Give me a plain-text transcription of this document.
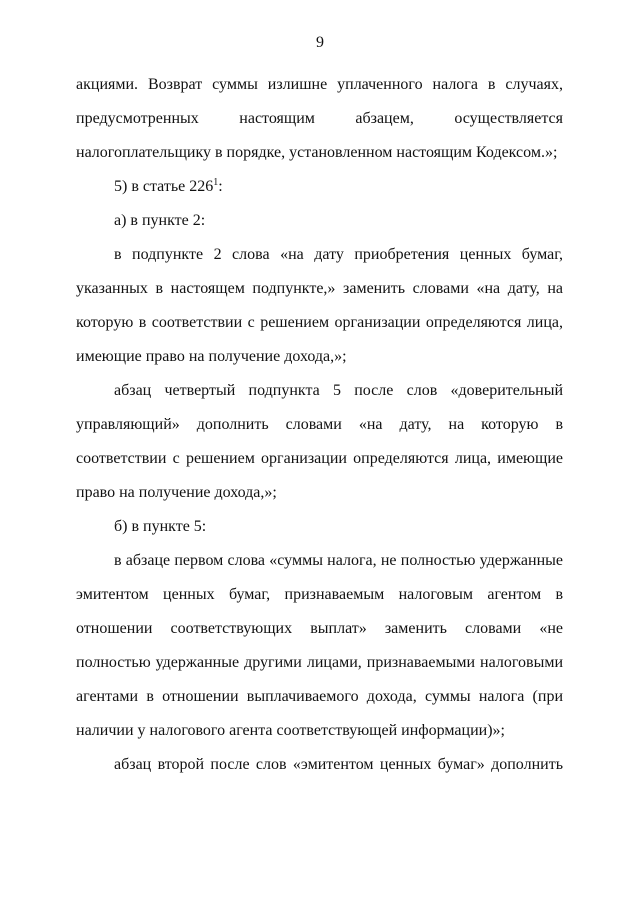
9

акциями. Возврат суммы излишне уплаченного налога в случаях, предусмотренных настоящим абзацем, осуществляется налогоплательщику в порядке, установленном настоящим Кодексом.»;

5) в статье $226^1$:

а) в пункте 2:

в подпункте 2 слова «на дату приобретения ценных бумаг, указанных в настоящем подпункте,» заменить словами «на дату, на которую в соответствии с решением организации определяются лица, имеющие право на получение дохода,»;

абзац четвертый подпункта 5 после слов «доверительный управляющий» дополнить словами «на дату, на которую в соответствии с решением организации определяются лица, имеющие право на получение дохода,»;

б) в пункте 5:

в абзаце первом слова «суммы налога, не полностью удержанные эмитентом ценных бумаг, признаваемым налоговым агентом в отношении соответствующих выплат» заменить словами «не полностью удержанные другими лицами, признаваемыми налоговыми агентами в отношении выплачиваемого дохода, суммы налога (при наличии у налогового агента соответствующей информации)»;

абзац второй после слов «эмитентом ценных бумаг» дополнить
